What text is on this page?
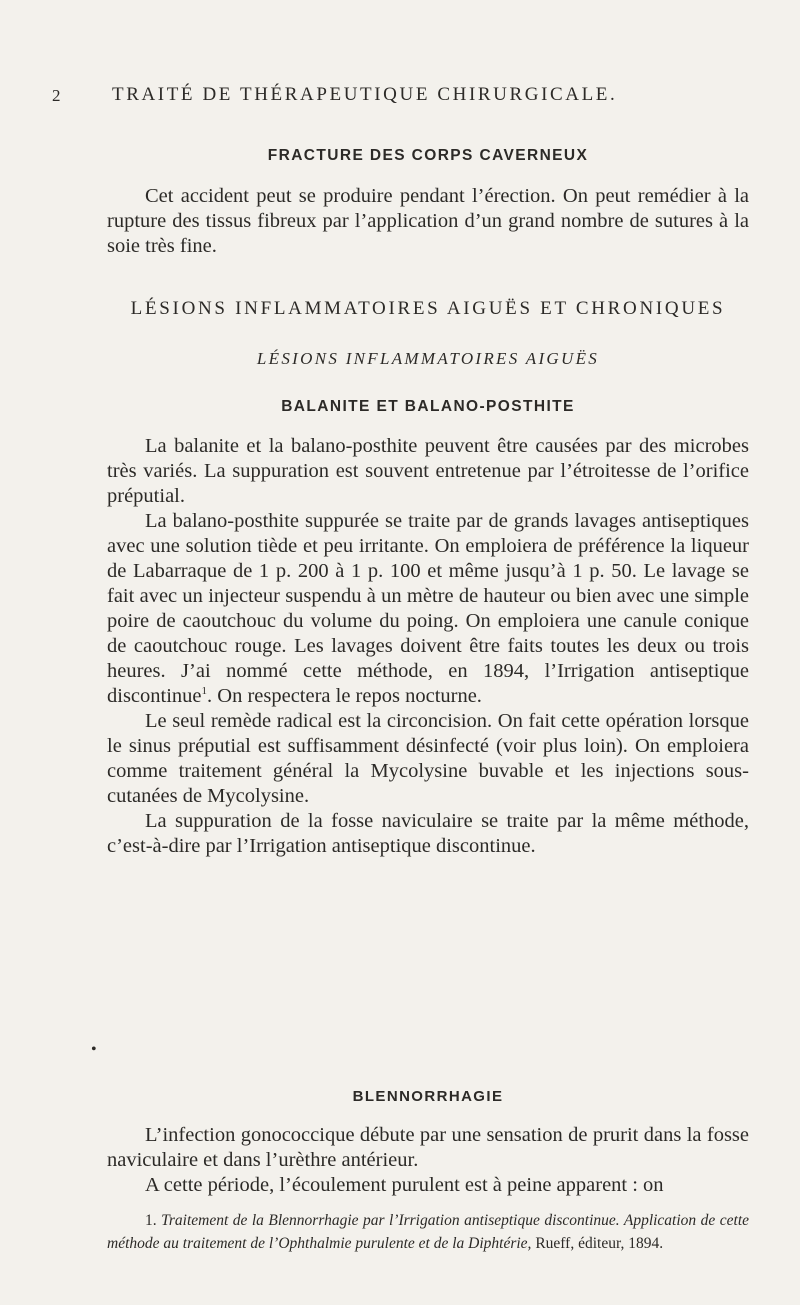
2	TRAITÉ DE THÉRAPEUTIQUE CHIRURGICALE.
FRACTURE DES CORPS CAVERNEUX

Cet accident peut se produire pendant l’érection. On peut remédier à la rupture des tissus fibreux par l’application d’un grand nombre de sutures à la soie très fine.

LÉSIONS INFLAMMATOIRES AIGUËS ET CHRONIQUES
LÉSIONS INFLAMMATOIRES AIGUËS
BALANITE ET BALANO-POSTHITE

La balanite et la balano-posthite peuvent être causées par des microbes très variés. La suppuration est souvent entretenue par l’étroitesse de l’orifice préputial.

La balano-posthite suppurée se traite par de grands lavages antiseptiques avec une solution tiède et peu irritante. On emploiera de préférence la liqueur de Labarraque de 1 p. 200 à 1 p. 100 et même jusqu’à 1 p. 50. Le lavage se fait avec un injecteur suspendu à un mètre de hauteur ou bien avec une simple poire de caoutchouc du volume du poing. On emploiera une canule conique de caoutchouc rouge. Les lavages doivent être faits toutes les deux ou trois heures. J’ai nommé cette méthode, en 1894, l’Irrigation antiseptique discontinue$^1$. On respectera le repos nocturne.

Le seul remède radical est la circoncision. On fait cette opération lorsque le sinus préputial est suffisamment désinfecté (voir plus loin). On emploiera comme traitement général la Mycolysine buvable et les injections sous-cutanées de Mycolysine.

La suppuration de la fosse naviculaire se traite par la même méthode, c’est-à-dire par l’Irrigation antiseptique discontinue.

•
BLENNORRHAGIE

L’infection gonococcique débute par une sensation de prurit dans la fosse naviculaire et dans l’urèthre antérieur.

A cette période, l’écoulement purulent est à peine apparent : on

1. Traitement de la Blennorrhagie par l’Irrigation antiseptique discontinue. Application de cette méthode au traitement de l’Ophthalmie purulente et de la Diphtérie, Rueff, éditeur, 1894.
